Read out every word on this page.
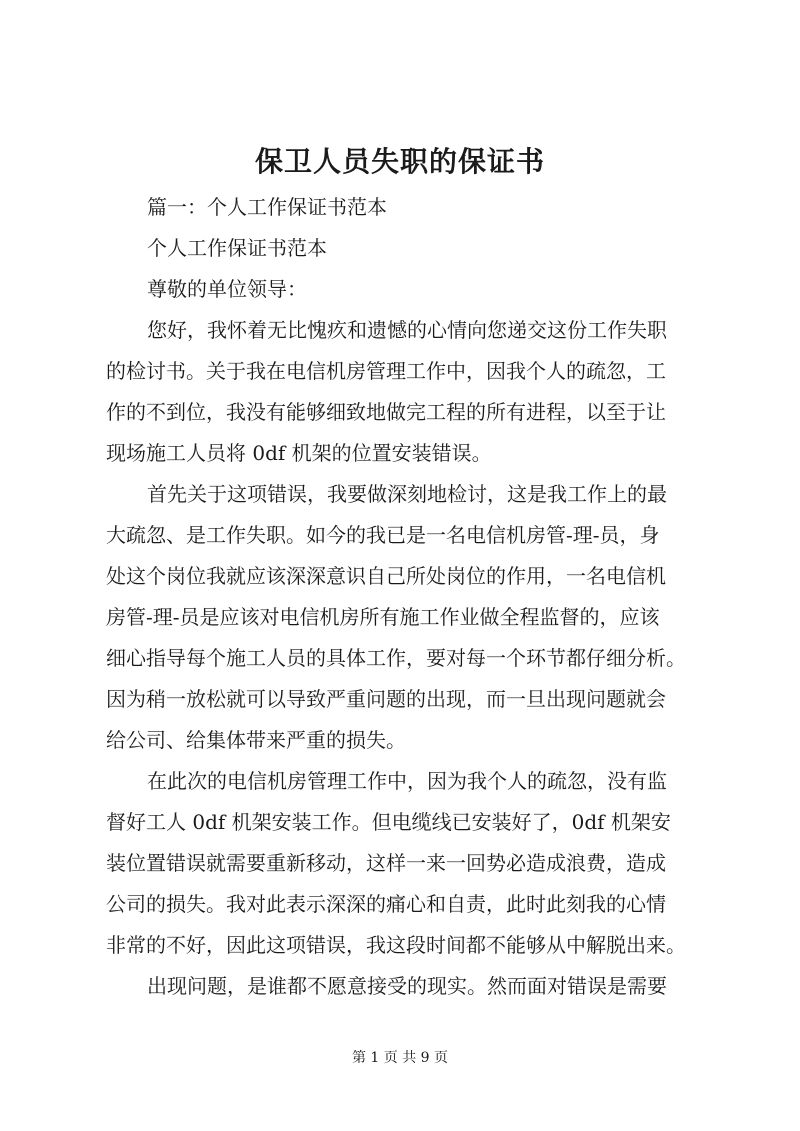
保卫人员失职的保证书
篇一：个人工作保证书范本
个人工作保证书范本
尊敬的单位领导：
您好，我怀着无比愧疚和遗憾的心情向您递交这份工作失职
的检讨书。关于我在电信机房管理工作中，因我个人的疏忽，工
作的不到位，我没有能够细致地做完工程的所有进程，以至于让
现场施工人员将 0df 机架的位置安装错误。
首先关于这项错误，我要做深刻地检讨，这是我工作上的最
大疏忽、是工作失职。如今的我已是一名电信机房管-理-员，身
处这个岗位我就应该深深意识自己所处岗位的作用，一名电信机
房管-理-员是应该对电信机房所有施工作业做全程监督的，应该
细心指导每个施工人员的具体工作，要对每一个环节都仔细分析。
因为稍一放松就可以导致严重问题的出现，而一旦出现问题就会
给公司、给集体带来严重的损失。
在此次的电信机房管理工作中，因为我个人的疏忽，没有监
督好工人 0df 机架安装工作。但电缆线已安装好了，0df 机架安
装位置错误就需要重新移动，这样一来一回势必造成浪费，造成
公司的损失。我对此表示深深的痛心和自责，此时此刻我的心情
非常的不好，因此这项错误，我这段时间都不能够从中解脱出来。
出现问题，是谁都不愿意接受的现实。然而面对错误是需要
第 1 页 共 9 页
